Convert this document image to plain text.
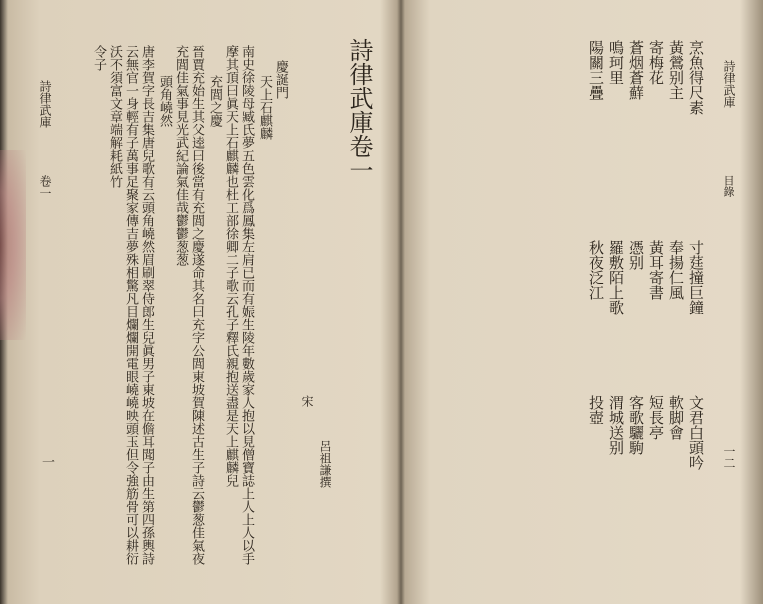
詩律武庫
卷一
一
令子 沃不須富文章端解耗紙竹 云無官一身輕有子萬事足聚家傳吉夢殊相驚凡目爛爛開電眼嶢嶢映頭玉但令強筋骨可以耕衍 唐李賀字長吉集唐兒歌有云頭角嶢然眉刷翠侍郎生兒眞男子東坡在儋耳聞子由生第四孫輿詩 頭角嶢然 充閭佳氣事見光武紀論氣佳哉鬱鬱葱葱 晉賈充始生其父逵曰後當有充閭之慶遂命其名曰充字公閭東坡賀陳述古生子詩云鬱葱佳氣夜 充閭之慶 摩其頂曰眞天上石麒麟也杜工部徐卿二子歌云孔子釋氏親抱送盡是天上麒麟兒 南史徐陵母臧氏夢五色雲化爲鳳集左肩已而有娠生陵年數歲家人抱以見僧寶誌上人上人以手 天上石麒麟 慶誕門
宋
呂祖謙撰
詩律武庫卷一	陽關三疊
秋夜泛江
投壺
鳴珂里
羅敷陌上歌
渭城送别
蒼烟蒼蘚
憑别
客歌驪駒
寄梅花
黃耳寄書
短長亭
黃鶯别主
奉揚仁風
軟脚會
烹魚得尺素
寸莛撞巨鐘
文君白頭吟
詩律武庫
目錄
一二
